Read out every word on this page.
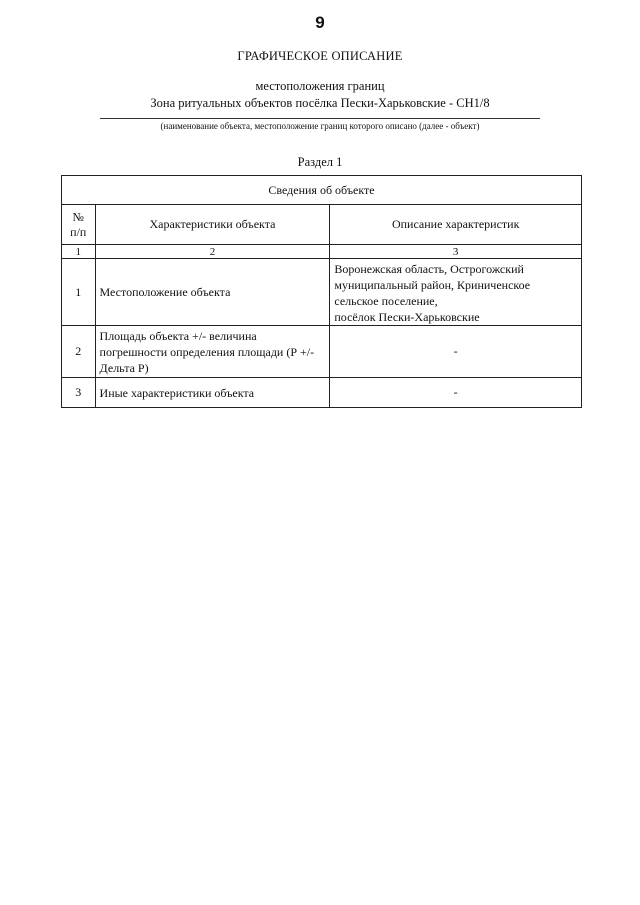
9
ГРАФИЧЕСКОЕ ОПИСАНИЕ
местоположения границ
Зона ритуальных объектов посёлка Пески-Харьковские - СН1/8
(наименование объекта, местоположение границ которого описано (далее - объект)
Раздел 1
Сведения об объекте		
№
п/п	Характеристики объекта	Описание характеристик
1	2	3
1	Местоположение объекта	Воронежская область, Острогожский
муниципальный район, Криниченское
сельское поселение,
посёлок Пески-Харьковские
2	Площадь объекта +/- величина погрешности определения площади (Р +/- Дельта Р)	-
3	Иные характеристики объекта	-
